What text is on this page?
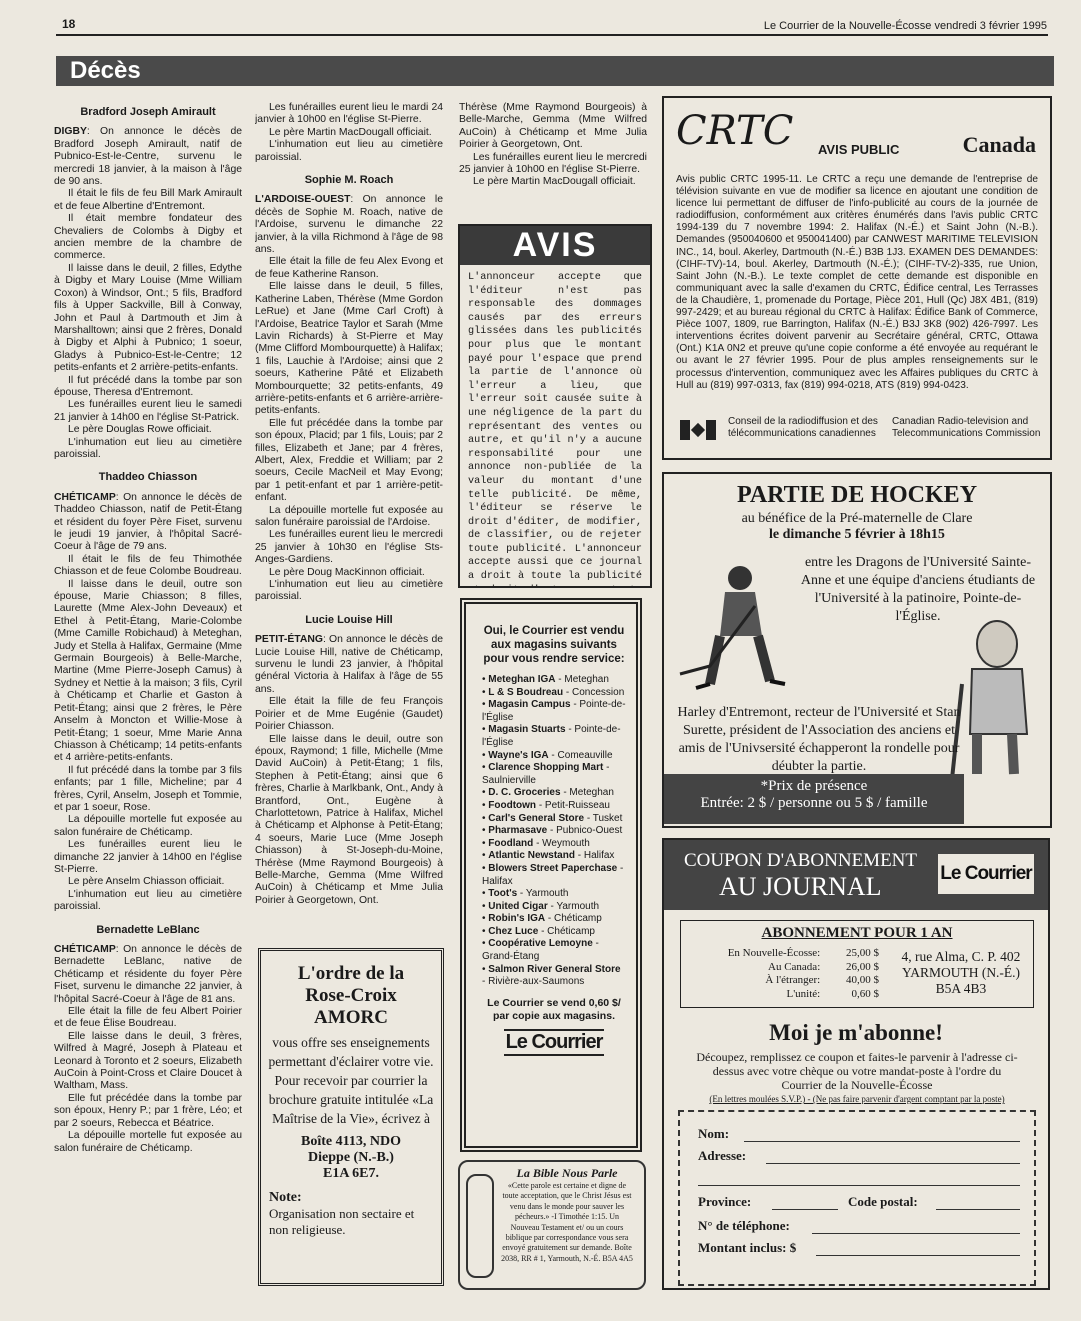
18	Le Courrier de la Nouvelle-Écosse vendredi 3 février 1995
Décès
Bradford Joseph Amirault

DIGBY: On annonce le décès de Bradford Joseph Amirault, natif de Pubnico-Est-le-Centre, survenu le mercredi 18 janvier, à la maison à l'âge de 90 ans.

Il était le fils de feu Bill Mark Amirault et de feue Albertine d'Entremont.

Il était membre fondateur des Chevaliers de Colombs à Digby et ancien membre de la chambre de commerce.

Il laisse dans le deuil, 2 filles, Edythe à Digby et Mary Louise (Mme William Coxon) à Windsor, Ont.; 5 fils, Bradford fils à Upper Sackville, Bill à Conway, John et Paul à Dartmouth et Jim à Marshalltown; ainsi que 2 frères, Donald à Digby et Alphi à Pubnico; 1 soeur, Gladys à Pubnico-Est-le-Centre; 12 petits-enfants et 2 arrière-petits-enfants.

Il fut précédé dans la tombe par son épouse, Theresa d'Entremont.

Les funérailles eurent lieu le samedi 21 janvier à 14h00 en l'église St-Patrick.

Le père Douglas Rowe officiait.

L'inhumation eut lieu au cimetière paroissial.

Thaddeo Chiasson

CHÉTICAMP: On annonce le décès de Thaddeo Chiasson, natif de Petit-Étang et résident du foyer Père Fiset, survenu le jeudi 19 janvier, à l'hôpital Sacré-Coeur à l'âge de 79 ans.

Il était le fils de feu Thimothée Chiasson et de feue Colombe Boudreau.

Il laisse dans le deuil, outre son épouse, Marie Chiasson; 8 filles, Laurette (Mme Alex-John Deveaux) et Ethel à Petit-Étang, Marie-Colombe (Mme Camille Robichaud) à Meteghan, Judy et Stella à Halifax, Germaine (Mme Germain Bourgeois) à Belle-Marche, Martine (Mme Pierre-Joseph Camus) à Sydney et Nettie à la maison; 3 fils, Cyril à Chéticamp et Charlie et Gaston à Petit-Étang; ainsi que 2 frères, le Père Anselm à Moncton et Willie-Mose à Petit-Étang; 1 soeur, Mme Marie Anna Chiasson à Chéticamp; 14 petits-enfants et 4 arrière-petits-enfants.

Il fut précédé dans la tombe par 3 fils enfants; par 1 fille, Micheline; par 4 frères, Cyril, Anselm, Joseph et Tommie, et par 1 soeur, Rose.

La dépouille mortelle fut exposée au salon funéraire de Chéticamp.

Les funérailles eurent lieu le dimanche 22 janvier à 14h00 en l'église St-Pierre.

Le père Anselm Chiasson officiait.

L'inhumation eut lieu au cimetière paroissial.

Bernadette LeBlanc

CHÉTICAMP: On annonce le décès de Bernadette LeBlanc, native de Chéticamp et résidente du foyer Père Fiset, survenu le dimanche 22 janvier, à l'hôpital Sacré-Coeur à l'âge de 81 ans.

Elle était la fille de feu Albert Poirier et de feue Élise Boudreau.

Elle laisse dans le deuil, 3 frères, Wilfred à Magré, Joseph à Plateau et Leonard à Toronto et 2 soeurs, Elizabeth AuCoin à Point-Cross et Claire Doucet à Waltham, Mass.

Elle fut précédée dans la tombe par son époux, Henry P.; par 1 frère, Léo; et par 2 soeurs, Rebecca et Béatrice.

La dépouille mortelle fut exposée au salon funéraire de Chéticamp.

Les funérailles eurent lieu le mardi 24 janvier à 10h00 en l'église St-Pierre.

Le père Martin MacDougall officiait.

L'inhumation eut lieu au cimetière paroissial.

Sophie M. Roach

L'ARDOISE-OUEST: On annonce le décès de Sophie M. Roach, native de l'Ardoise, survenu le dimanche 22 janvier, à la villa Richmond à l'âge de 98 ans.

Elle était la fille de feu Alex Evong et de feue Katherine Ranson.

Elle laisse dans le deuil, 5 filles, Katherine Laben, Thérèse (Mme Gordon LeRue) et Jane (Mme Carl Croft) à l'Ardoise, Beatrice Taylor et Sarah (Mme Lavin Richards) à St-Pierre et May (Mme Clifford Mombourquette) à Halifax; 1 fils, Lauchie à l'Ardoise; ainsi que 2 soeurs, Katherine Pâté et Elizabeth Mombourquette; 32 petits-enfants, 49 arrière-petits-enfants et 6 arrière-arrière-petits-enfants.

Elle fut précédée dans la tombe par son époux, Placid; par 1 fils, Louis; par 2 filles, Elizabeth et Jane; par 4 frères, Albert, Alex, Freddie et William; par 2 soeurs, Cecile MacNeil et May Evong; par 1 petit-enfant et par 1 arrière-petit-enfant.

La dépouille mortelle fut exposée au salon funéraire paroissial de l'Ardoise.

Les funérailles eurent lieu le mercredi 25 janvier à 10h30 en l'église Sts-Anges-Gardiens.

Le père Doug MacKinnon officiait.

L'inhumation eut lieu au cimetière paroissial.

Lucie Louise Hill

PETIT-ÉTANG: On annonce le décès de Lucie Louise Hill, native de Chéticamp, survenu le lundi 23 janvier, à l'hôpital général Victoria à Halifax à l'âge de 55 ans.

Elle était la fille de feu François Poirier et de Mme Eugénie (Gaudet) Poirier Chiasson.

Elle laisse dans le deuil, outre son époux, Raymond; 1 fille, Michelle (Mme David AuCoin) à Petit-Étang; 1 fils, Stephen à Petit-Étang; ainsi que 6 frères, Charlie à Marlkbank, Ont., Andy à Brantford, Ont., Eugène à Charlottetown, Patrice à Halifax, Michel à Chéticamp et Alphonse à Petit-Étang; 4 soeurs, Marie Luce (Mme Joseph Chiasson) à St-Joseph-du-Moine, Thérèse (Mme Raymond Bourgeois) à Belle-Marche, Gemma (Mme Wilfred AuCoin) à Chéticamp et Mme Julia Poirier à Georgetown, Ont.

L'ordre de la
Rose-Croix
AMORC
vous offre ses enseignements permettant d'éclairer votre vie. Pour recevoir par courrier la brochure gratuite intitulée «La Maîtrise de la Vie», écrivez à
Boîte 4113, NDO
Dieppe (N.-B.)
E1A 6E7.
Note:
Organisation non sectaire et non religieuse.

Thérèse (Mme Raymond Bourgeois) à Belle-Marche, Gemma (Mme Wilfred AuCoin) à Chéticamp et Mme Julia Poirier à Georgetown, Ont.

Les funérailles eurent lieu le mercredi 25 janvier à 10h00 en l'église St-Pierre.

Le père Martin MacDougall officiait.

AVIS
L'annonceur accepte que l'éditeur n'est pas responsable des dommages causés par des erreurs glissées dans les publicités pour plus que le montant payé pour l'espace que prend la partie de l'annonce où l'erreur a lieu, que l'erreur soit causée suite à une négligence de la part du représentant des ventes ou autre, et qu'il n'y a aucune responsabilité pour une annonce non-publiée de la valeur du montant d'une telle publicité. De même, l'éditeur se réserve le droit d'éditer, de modifier, de classifier, ou de rejeter toute publicité. L'annonceur accepte aussi que ce journal a droit à toute la publicité
Oui, le Courrier est vendu aux magasins suivants pour vous rendre service:
• Meteghan IGA - Meteghan
• L & S Boudreau - Concession
• Magasin Campus - Pointe-de-l'Église
• Magasin Stuarts - Pointe-de-l'Église
• Wayne's IGA - Comeauville
• Clarence Shopping Mart - Saulnierville
• D. C. Groceries - Meteghan
• Foodtown - Petit-Ruisseau
• Carl's General Store - Tusket
• Pharmasave - Pubnico-Ouest
• Foodland - Weymouth
• Atlantic Newstand - Halifax
• Blowers Street Paperchase - Halifax
• Toot's - Yarmouth
• United Cigar - Yarmouth
• Robin's IGA - Chéticamp
• Chez Luce - Chéticamp
• Coopérative Lemoyne - Grand-Étang
• Salmon River General Store - Rivière-aux-Saumons
Le Courrier se vend 0,60 $/ par copie aux magasins.
Le Courrier
La Bible Nous Parle
«Cette parole est certaine et digne de toute acceptation, que le Christ Jésus est venu dans le monde pour sauver les pécheurs.» -I Timothée 1:15. Un Nouveau Testament et/ ou un cours biblique par correspondance vous sera envoyé gratuitement sur demande. Boîte 2038, RR # 1, Yarmouth, N.-É. B5A 4A5
CRTC AVIS PUBLIC	Canada
Avis public CRTC 1995-11. Le CRTC a reçu une demande de l'entreprise de télévision suivante en vue de modifier sa licence en ajoutant une condition de licence lui permettant de diffuser de l'info-publicité au cours de la journée de radiodiffusion, conformément aux critères énumérés dans l'avis public CRTC 1994-139 du 7 novembre 1994: 2. Halifax (N.-É.) et Saint John (N.-B.). Demandes (950040600 et 950041400) par CANWEST MARITIME TELEVISION INC., 14, boul. Akerley, Dartmouth (N.-É.) B3B 1J3. EXAMEN DES DEMANDES: (CIHF-TV)-14, boul. Akerley, Dartmouth (N.-É.); (CIHF-TV-2)-335, rue Union, Saint John (N.-B.). Le texte complet de cette demande est disponible en communiquant avec la salle d'examen du CRTC, Édifice central, Les Terrasses de la Chaudière, 1, promenade du Portage, Pièce 201, Hull (Qc) J8X 4B1, (819) 997-2429; et au bureau régional du CRTC à Halifax: Édifice Bank of Commerce, Pièce 1007, 1809, rue Barrington, Halifax (N.-É.) B3J 3K8 (902) 426-7997. Les interventions écrites doivent parvenir au Secrétaire général, CRTC, Ottawa (Ont.) K1A 0N2 et preuve qu'une copie conforme a été envoyée au requérant le ou avant le 27 février 1995. Pour de plus amples renseignements sur le processus d'intervention, communiquez avec les Affaires publiques du CRTC à Hull au (819) 997-0313, fax (819) 994-0218, ATS (819) 994-0423.
Conseil de la radiodiffusion et des télécommunications canadiennes
Canadian Radio-television and Telecommunications Commission
PARTIE DE HOCKEY
au bénéfice de la Pré-maternelle de Clare
le dimanche 5 février à 18h15
entre les Dragons de l'Université Sainte-Anne et une équipe d'anciens étudiants de l'Université à la patinoire, Pointe-de-l'Église.
Harley d'Entremont, recteur de l'Université et Stan Surette, président de l'Association des anciens et amis de l'Univsersité échapperont la rondelle pour déubter la partie.
*Prix de présence
Entrée: 2 $ / personne ou 5 $ / famille
COUPON D'ABONNEMENT
AU JOURNAL	Le Courrier
ABONNEMENT POUR 1 AN
En Nouvelle-Écosse: 25,00 $
Au Canada: 26,00 $
À l'étranger: 40,00 $
L'unité:	0,60 $
4, rue Alma, C. P. 402
YARMOUTH (N.-É.)
B5A 4B3
Moi je m'abonne!
Découpez, remplissez ce coupon et faites-le parvenir à l'adresse ci-dessus avec votre chèque ou votre mandat-poste à l'ordre du Courrier de la Nouvelle-Écosse
(En lettres moulées S.V.P.) - (Ne pas faire parvenir d'argent comptant par la poste)
Nom:
Adresse:
Province:	Code postal:
N° de téléphone:
Montant inclus: $
